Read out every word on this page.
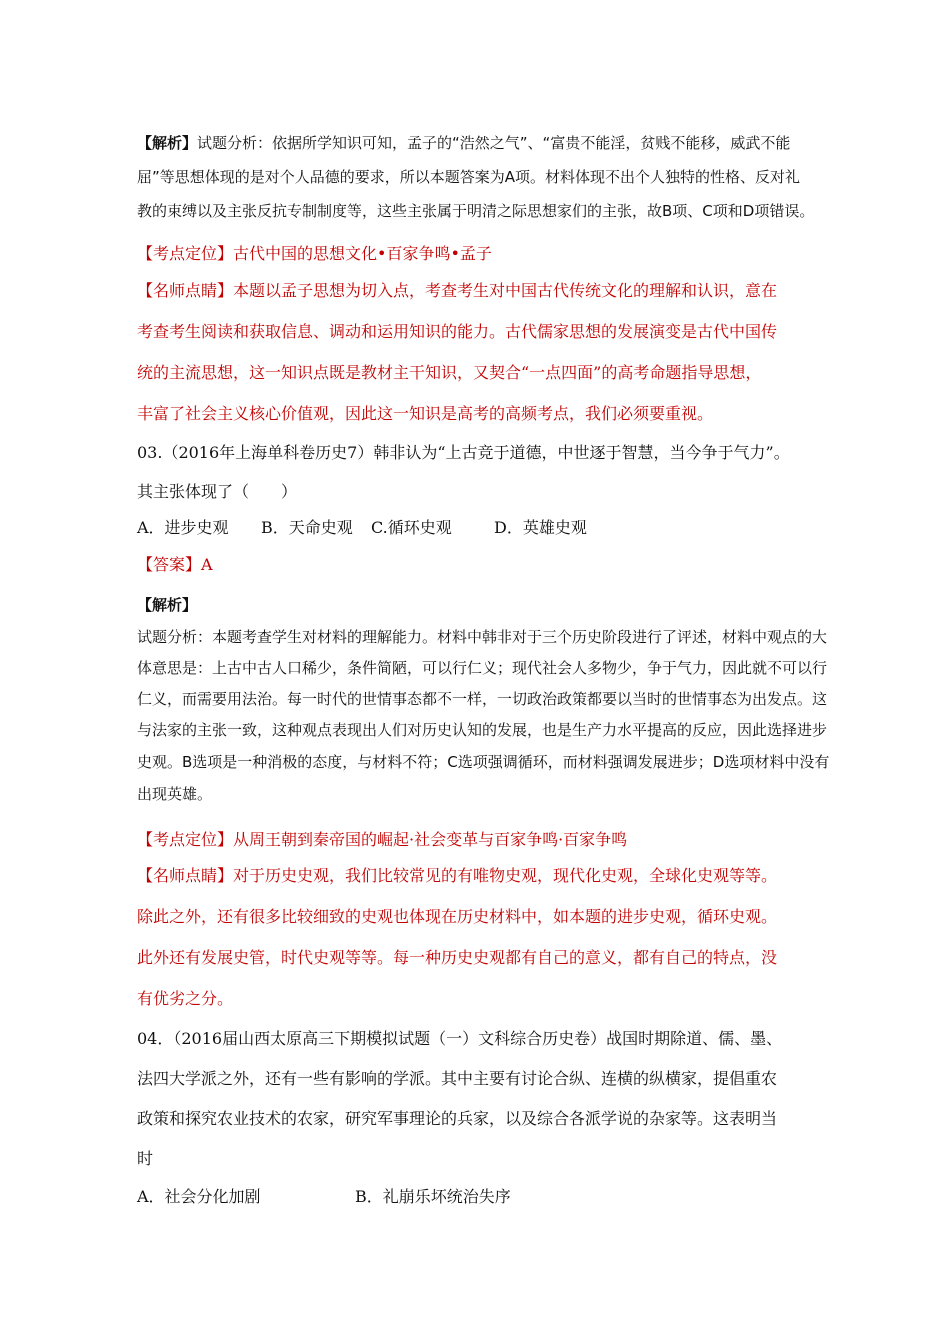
【解析】试题分析：依据所学知识可知，孟子的“浩然之气”、“富贵不能淫，贫贱不能移，威武不能
屈”等思想体现的是对个人品德的要求，所以本题答案为A项。材料体现不出个人独特的性格、反对礼
教的束缚以及主张反抗专制制度等，这些主张属于明清之际思想家们的主张，故B项、C项和D项错误。
【考点定位】古代中国的思想文化•百家争鸣•孟子
【名师点睛】本题以孟子思想为切入点，考查考生对中国古代传统文化的理解和认识，意在
考查考生阅读和获取信息、调动和运用知识的能力。古代儒家思想的发展演变是古代中国传
统的主流思想，这一知识点既是教材主干知识，又契合“一点四面”的高考命题指导思想，
丰富了社会主义核心价值观，因此这一知识是高考的高频考点，我们必须要重视。
03.（2016年上海单科卷历史7）韩非认为“上古竞于道德，中世逐于智慧，当今争于气力”。
其主张体现了（　　）
A．进步史观 B．天命史观 C.循环史观	D．英雄史观
【答案】A
【解析】
试题分析：本题考查学生对材料的理解能力。材料中韩非对于三个历史阶段进行了评述，材料中观点的大
体意思是：上古中古人口稀少，条件简陋，可以行仁义；现代社会人多物少，争于气力，因此就不可以行
仁义，而需要用法治。每一时代的世情事态都不一样，一切政治政策都要以当时的世情事态为出发点。这
与法家的主张一致，这种观点表现出人们对历史认知的发展，也是生产力水平提高的反应，因此选择进步
史观。B选项是一种消极的态度，与材料不符；C选项强调循环，而材料强调发展进步；D选项材料中没有
出现英雄。
【考点定位】从周王朝到秦帝国的崛起·社会变革与百家争鸣·百家争鸣
【名师点睛】对于历史史观，我们比较常见的有唯物史观，现代化史观，全球化史观等等。
除此之外，还有很多比较细致的史观也体现在历史材料中，如本题的进步史观，循环史观。
此外还有发展史管，时代史观等等。每一种历史史观都有自己的意义，都有自己的特点，没
有优劣之分。
04．（2016届山西太原高三下期模拟试题（一）文科综合历史卷）战国时期除道、儒、墨、
法四大学派之外，还有一些有影响的学派。其中主要有讨论合纵、连横的纵横家，提倡重农
政策和探究农业技术的农家，研究军事理论的兵家，以及综合各派学说的杂家等。这表明当
时
A．社会分化加剧	B．礼崩乐坏统治失序
